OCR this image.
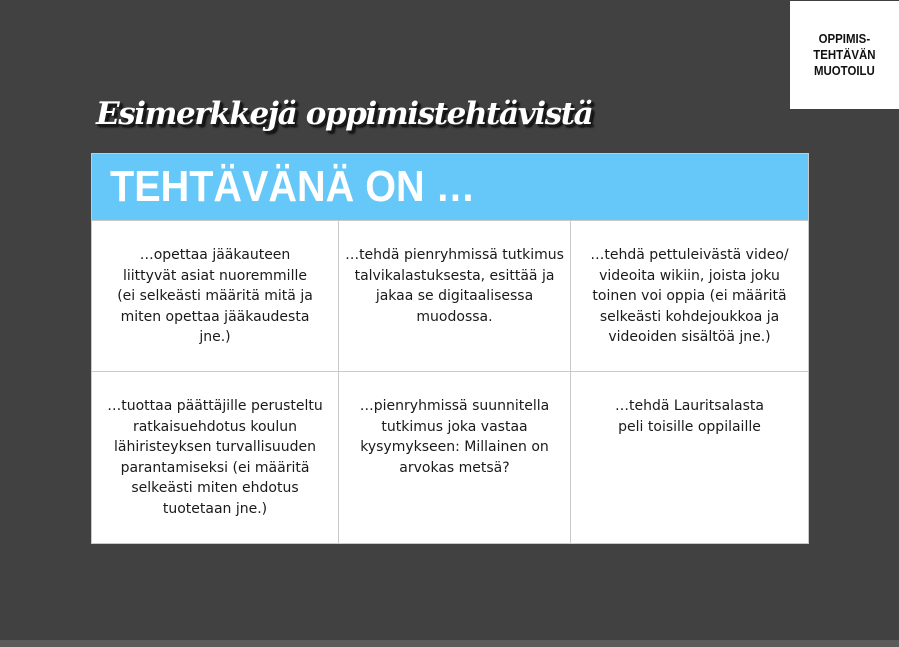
OPPIMIS-
TEHTÄVÄN
MUOTOILU
Esimerkkejä oppimistehtävistä
TEHTÄVÄNÄ ON …
…opettaa jääkauteen liittyvät asiat nuoremmille (ei selkeästi määritä mitä ja miten opettaa jääkaudesta jne.)
…tehdä pienryhmissä tutkimus talvikalastuksesta, esittää ja jakaa se digitaalisessa muodossa.
…tehdä pettuleivästä video/ videoita wikiin, joista joku toinen voi oppia (ei määritä selkeästi kohdejoukkoa ja videoiden sisältöä jne.)
…tuottaa päättäjille perusteltu ratkaisuehdotus koulun lähiristeyksen turvallisuuden parantamiseksi (ei määritä selkeästi miten ehdotus tuotetaan jne.)
…pienryhmissä suunnitella tutkimus joka vastaa kysymykseen: Millainen on arvokas metsä?
…tehdä Lauritsalasta peli toisille oppilaille
